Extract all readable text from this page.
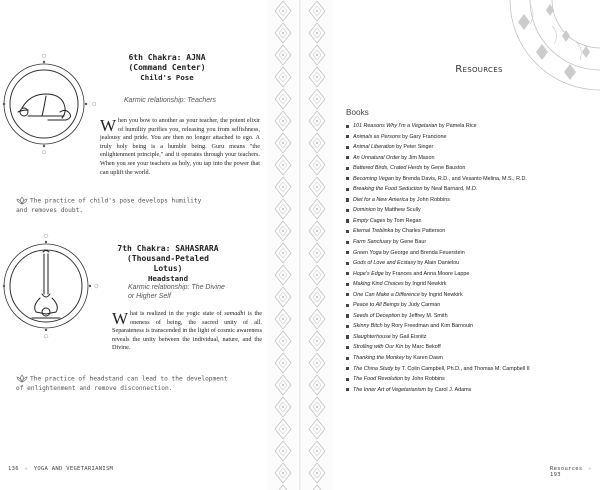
6th Chakra: AJNA
(Command Center)
Child's Pose
Karmic relationship: Teachers
When you bow to another as your teacher, the potent elixir of humility purifies you, releasing you from selfishness, jealousy and pride. You are then no longer attached to ego. A truly holy being is a humble being. Guru means "the enlightenment principle," and it operates through your teachers. When you see your teachers as holy, you tap into the power that can uplift the world.
The practice of child's pose develops humility and removes doubt.
7th Chakra: SAHASRARA
(Thousand-Petaled Lotus)
Headstand
Karmic relationship: The Divine
or Higher Self
What is realized in the yogic state of samadhi is the oneness of being, the sacred unity of all. Separateness is transcended in the light of cosmic awareness reveals the unity between the individual, nature, and the Divine.
The practice of headstand can lead to the development of enlightenment and remove disconnection.
136 ✧ YOGA AND VEGETARIANISM
Resources
Books
101 Reasons Why I'm a Vegetarian by Pamela Rice
Animals as Persons by Gary Francione
Animal Liberation by Peter Singer
An Unnatural Order by Jim Mason
Battered Birds, Crated Herds by Gene Bauston
Becoming Vegan by Brenda Davis, R.D., and Vesanto Melina, M.S., R.D.
Breaking the Food Seduction by Neal Barnard, M.D.
Diet for a New America by John Robbins
Dominion by Matthew Scully
Empty Cages by Tom Regan
Eternal Treblinka by Charles Patterson
Farm Sanctuary by Gene Baur
Green Yoga by George and Brenda Feuerstein
Gods of Love and Ecstasy by Alain Danielou
Hope's Edge by Frances and Anna Moore Lappe
Making Kind Choices by Ingrid Newkirk
One Can Make a Difference by Ingrid Newkirk
Peace to All Beings by Judy Carman
Seeds of Deception by Jeffrey M. Smith
Skinny Bitch by Rory Freedman and Kim Barnouin
Slaughterhouse by Gail Eisnitz
Strolling with Our Kin by Marc Bekoff
Thanking the Monkey by Karen Dawn
The China Study by T. Colin Campbell, Ph.D., and Thomas M. Campbell II
The Food Revolution by John Robbins
The Inner Art of Vegetarianism by Carol J. Adams
Resources ✧ 193
